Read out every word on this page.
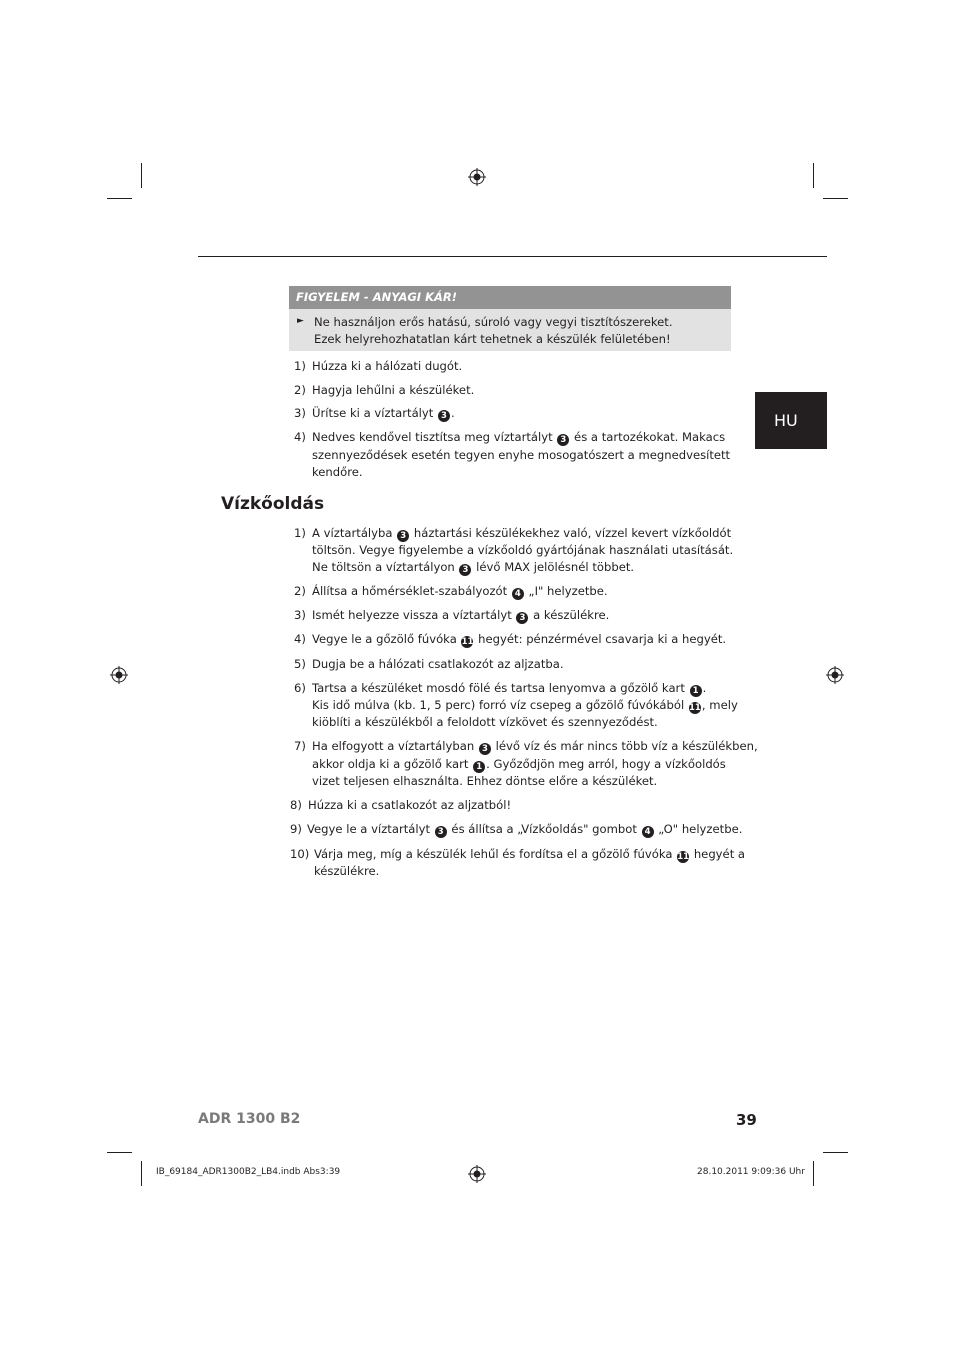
HU
FIGYELEM - ANYAGI KÁR!
► Ne használjon erős hatású, súroló vagy vegyi tisztítószereket.
Ezek helyrehozhatatlan kárt tehetnek a készülék felületében!
1) Húzza ki a hálózati dugót.
2) Hagyja lehűlni a készüléket.
3) Ürítse ki a víztartályt 3 .
4) Nedves kendővel tisztítsa meg víztartályt 3 és a tartozékokat. Makacs
szennyeződések esetén tegyen enyhe mosogatószert a megnedvesített
kendőre.
Vízkőoldás
1) A víztartályba 3 háztartási készülékekhez való, vízzel kevert vízkőoldót
töltsön. Vegye figyelembe a vízkőoldó gyártójának használati utasítását.
Ne töltsön a víztartályon 3 lévő MAX jelölésnél többet.
2) Állítsa a hőmérséklet-szabályozót 4 „I" helyzetbe.
3) Ismét helyezze vissza a víztartályt 3 a készülékre.
4) Vegye le a gőzölő fúvóka 11 hegyét: pénzérmével csavarja ki a hegyét.
5) Dugja be a hálózati csatlakozót az aljzatba.
6) Tartsa a készüléket mosdó fölé és tartsa lenyomva a gőzölő kart 1 .
Kis idő múlva (kb. 1, 5 perc) forró víz csepeg a gőzölő fúvókából 11, mely
kiöblíti a készülékből a feloldott vízkövet és szennyeződést.
7) Ha elfogyott a víztartályban 3 lévő víz és már nincs több víz a készülékben,
akkor oldja ki a gőzölő kart 1 . Győződjön meg arról, hogy a vízkőoldós
vizet teljesen elhasználta. Ehhez döntse előre a készüléket.
8) Húzza ki a csatlakozót az aljzatból!
9) Vegye le a víztartályt 3 és állítsa a „Vízkőoldás" gombot 4 „O" helyzetbe.
10) Várja meg, míg a készülék lehűl és fordítsa el a gőzölő fúvóka 11 hegyét a
készülékre.
ADR 1300 B2	39
IB_69184_ADR1300B2_LB4.indb Abs3:39	28.10.2011 9:09:36 Uhr
